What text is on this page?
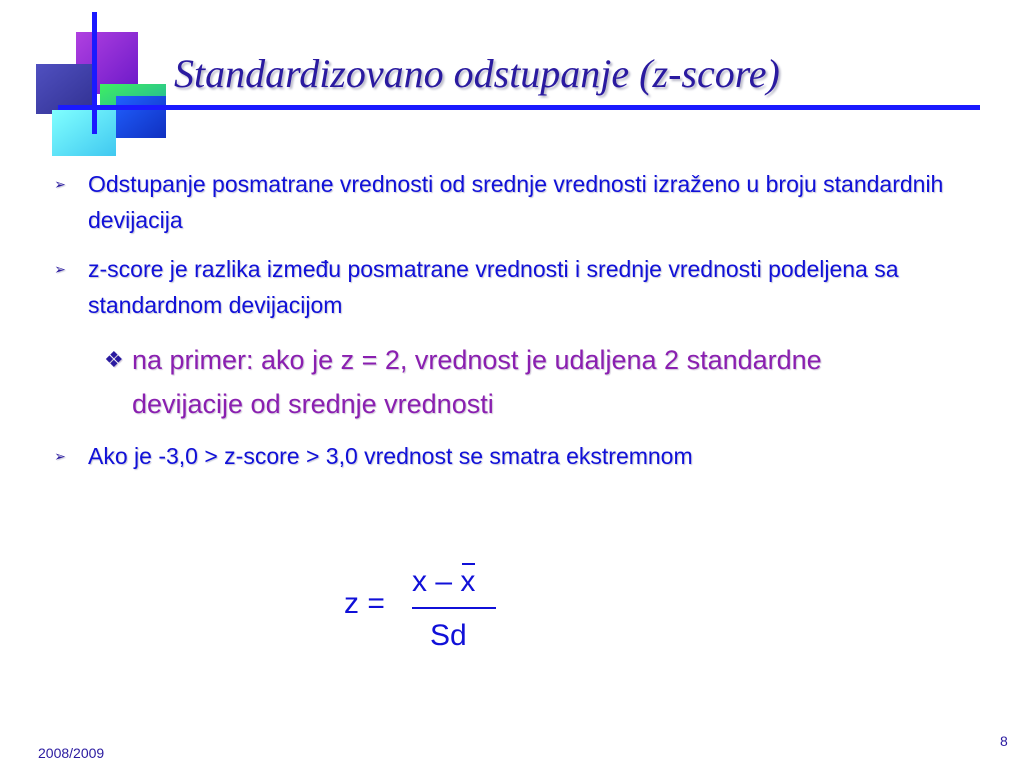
Standardizovano odstupanje (z-score)
➢ Odstupanje posmatrane vrednosti od srednje vrednosti izraženo u broju standardnih devijacija
➢ z-score je razlika između posmatrane vrednosti i srednje vrednosti podeljena sa standardnom devijacijom
❖ na primer: ako je z = 2, vrednost je udaljena 2 standardne devijacije od srednje vrednosti
➢ Ako je -3,0 > z-score > 3,0 vrednost se smatra ekstremnom
z =
x – x
Sd
2008/2009
8
